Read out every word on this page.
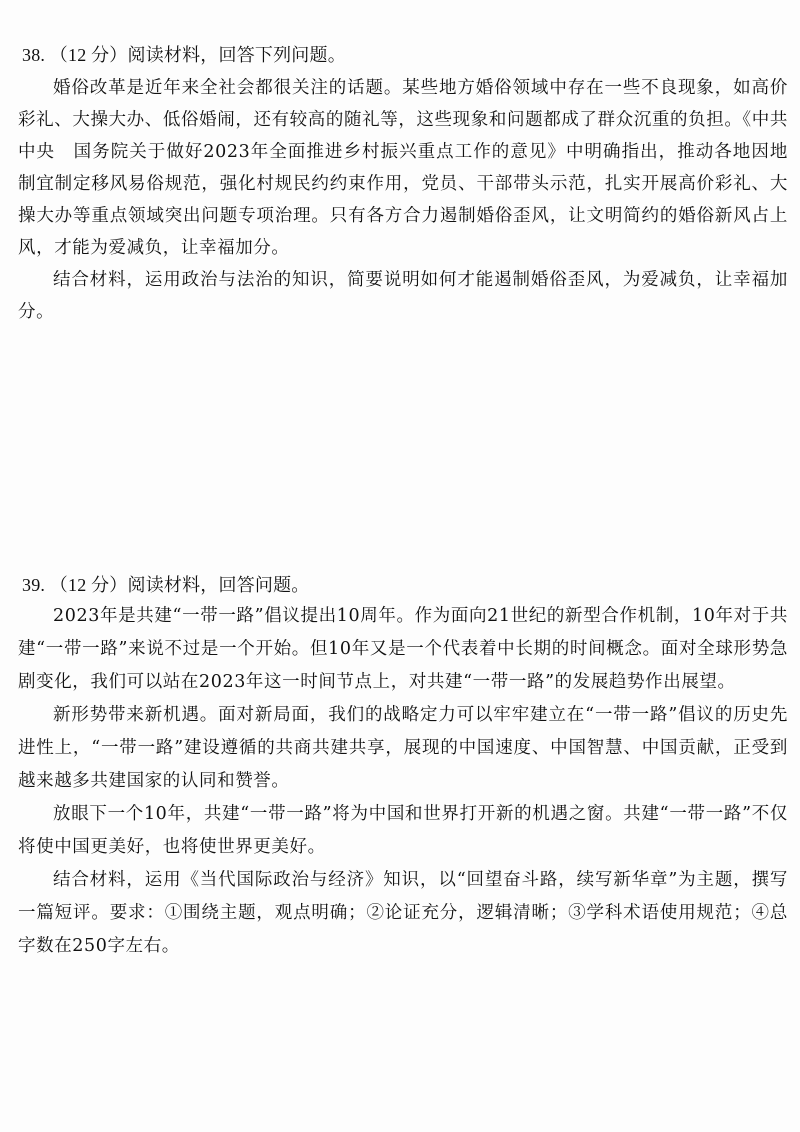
38. （12 分）阅读材料，回答下列问题。

婚俗改革是近年来全社会都很关注的话题。某些地方婚俗领域中存在一些不良现象，如高价彩礼、大操大办、低俗婚闹，还有较高的随礼等，这些现象和问题都成了群众沉重的负担。《中共中央　国务院关于做好2023年全面推进乡村振兴重点工作的意见》中明确指出，推动各地因地制宜制定移风易俗规范，强化村规民约约束作用，党员、干部带头示范，扎实开展高价彩礼、大操大办等重点领域突出问题专项治理。只有各方合力遏制婚俗歪风，让文明简约的婚俗新风占上风，才能为爱减负，让幸福加分。

结合材料，运用政治与法治的知识，简要说明如何才能遏制婚俗歪风，为爱减负，让幸福加分。

39. （12 分）阅读材料，回答问题。

2023年是共建“一带一路”倡议提出10周年。作为面向21世纪的新型合作机制，10年对于共建“一带一路”来说不过是一个开始。但10年又是一个代表着中长期的时间概念。面对全球形势急剧变化，我们可以站在2023年这一时间节点上，对共建“一带一路”的发展趋势作出展望。

新形势带来新机遇。面对新局面，我们的战略定力可以牢牢建立在“一带一路”倡议的历史先进性上，“一带一路”建设遵循的共商共建共享，展现的中国速度、中国智慧、中国贡献，正受到越来越多共建国家的认同和赞誉。

放眼下一个10年，共建“一带一路”将为中国和世界打开新的机遇之窗。共建“一带一路”不仅将使中国更美好，也将使世界更美好。

结合材料，运用《当代国际政治与经济》知识，以“回望奋斗路，续写新华章”为主题，撰写一篇短评。要求：①围绕主题，观点明确；②论证充分，逻辑清晰；③学科术语使用规范；④总字数在250字左右。
